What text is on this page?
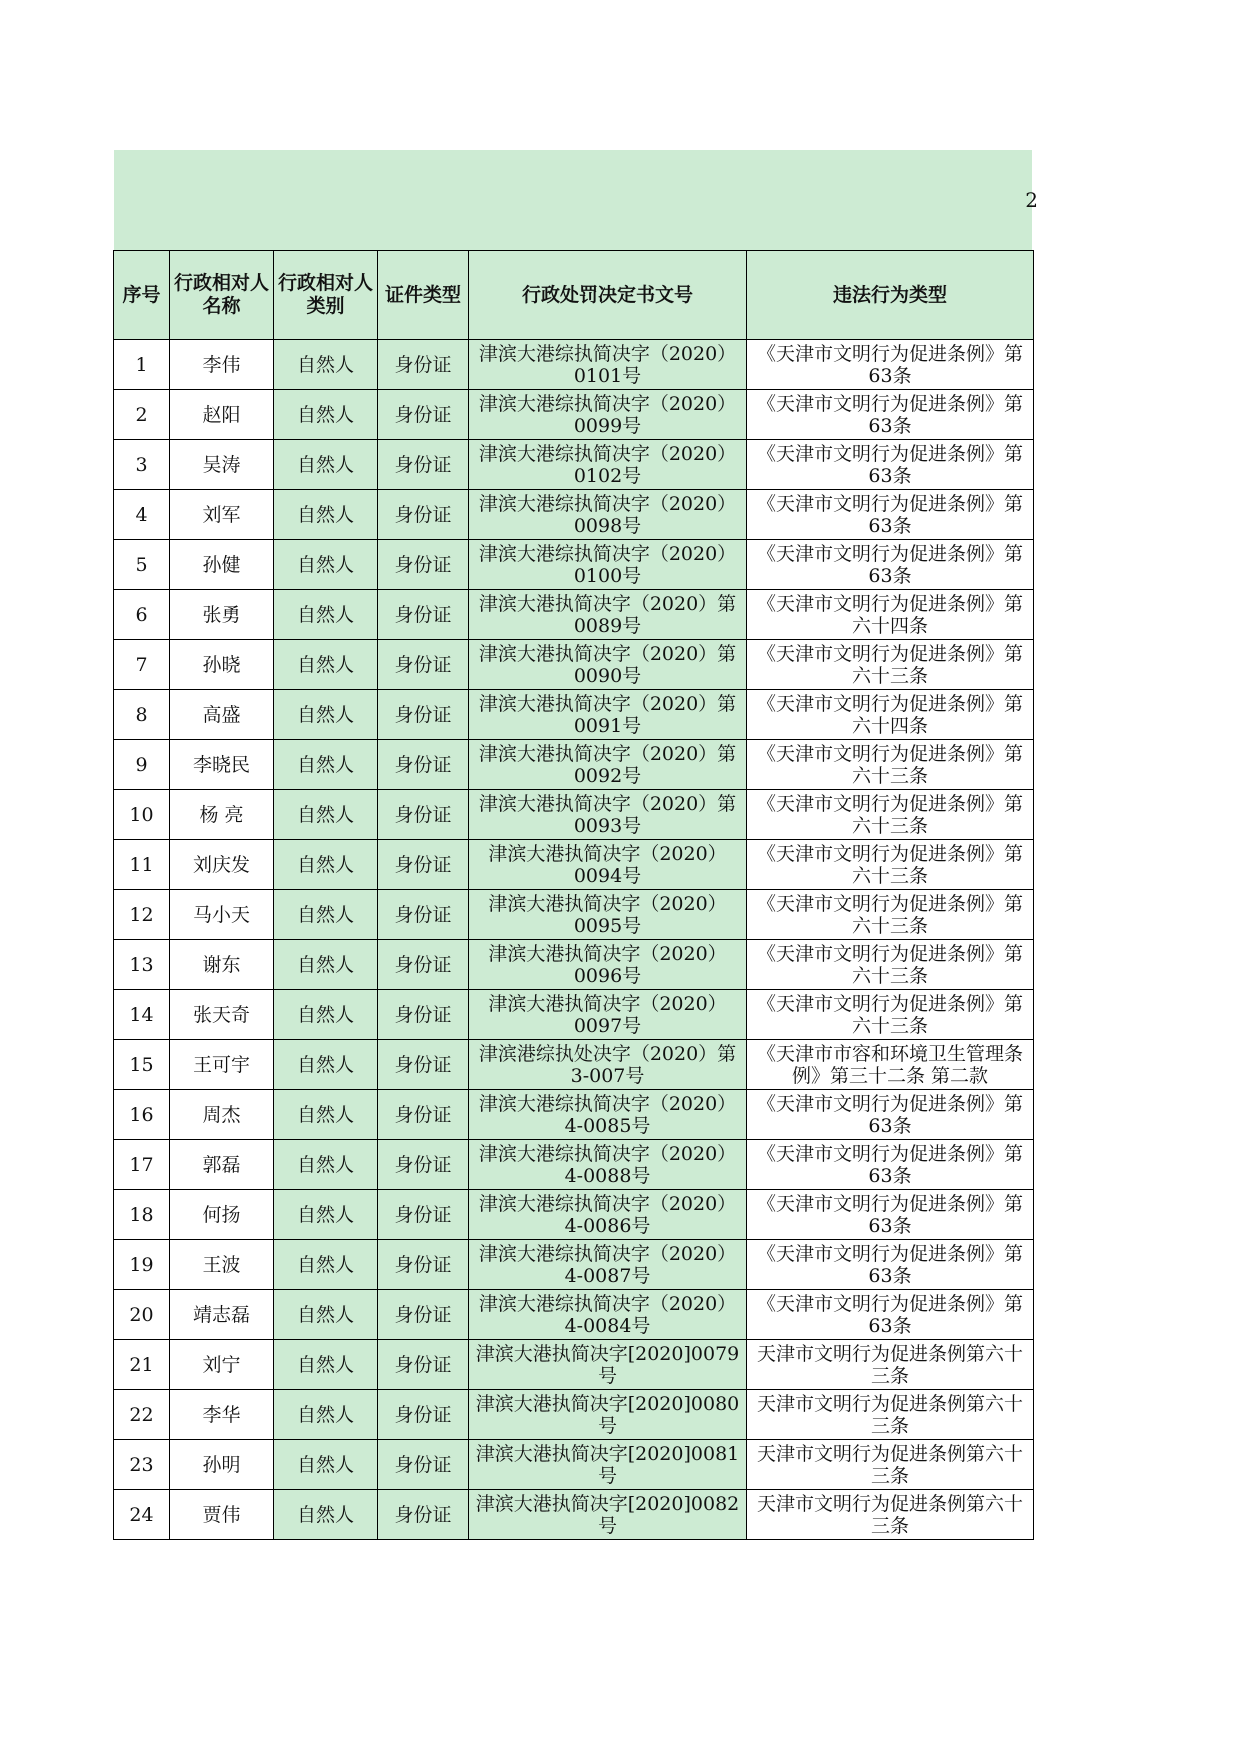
2
序号	行政相对人名称	行政相对人类别	证件类型	行政处罚决定书文号	违法行为类型
1	李伟	自然人	身份证	津滨大港综执简决字（2020）0101号	《天津市文明行为促进条例》第63条
2	赵阳	自然人	身份证	津滨大港综执简决字（2020）0099号	《天津市文明行为促进条例》第63条
3	吴涛	自然人	身份证	津滨大港综执简决字（2020）0102号	《天津市文明行为促进条例》第63条
4	刘军	自然人	身份证	津滨大港综执简决字（2020）0098号	《天津市文明行为促进条例》第63条
5	孙健	自然人	身份证	津滨大港综执简决字（2020）0100号	《天津市文明行为促进条例》第63条
6	张勇	自然人	身份证	津滨大港执简决字（2020）第 0089号	《天津市文明行为促进条例》第六十四条
7	孙晓	自然人	身份证	津滨大港执简决字（2020）第 0090号	《天津市文明行为促进条例》第六十三条
8	高盛	自然人	身份证	津滨大港执简决字（2020）第 0091号	《天津市文明行为促进条例》第六十四条
9	李晓民	自然人	身份证	津滨大港执简决字（2020）第 0092号	《天津市文明行为促进条例》第六十三条
10	杨 亮	自然人	身份证	津滨大港执简决字（2020）第 0093号	《天津市文明行为促进条例》第六十三条
11	刘庆发	自然人	身份证	津滨大港执简决字（2020）0094号	《天津市文明行为促进条例》第六十三条
12	马小天	自然人	身份证	津滨大港执简决字（2020）0095号	《天津市文明行为促进条例》第六十三条
13	谢东	自然人	身份证	津滨大港执简决字（2020）0096号	《天津市文明行为促进条例》第六十三条
14	张天奇	自然人	身份证	津滨大港执简决字（2020）0097号	《天津市文明行为促进条例》第六十三条
15	王可宇	自然人	身份证	津滨港综执处决字（2020）第3-007号	《天津市市容和环境卫生管理条例》第三十二条 第二款
16	周杰	自然人	身份证	津滨大港综执简决字（2020）4-0085号	《天津市文明行为促进条例》第63条
17	郭磊	自然人	身份证	津滨大港综执简决字（2020）4-0088号	《天津市文明行为促进条例》第63条
18	何扬	自然人	身份证	津滨大港综执简决字（2020）4-0086号	《天津市文明行为促进条例》第63条
19	王波	自然人	身份证	津滨大港综执简决字（2020）4-0087号	《天津市文明行为促进条例》第63条
20	靖志磊	自然人	身份证	津滨大港综执简决字（2020）4-0084号	《天津市文明行为促进条例》第63条
21	刘宁	自然人	身份证	津滨大港执简决字[2020]0079号	天津市文明行为促进条例第六十三条
22	李华	自然人	身份证	津滨大港执简决字[2020]0080号	天津市文明行为促进条例第六十三条
23	孙明	自然人	身份证	津滨大港执简决字[2020]0081号	天津市文明行为促进条例第六十三条
24	贾伟	自然人	身份证	津滨大港执简决字[2020]0082号	天津市文明行为促进条例第六十三条
